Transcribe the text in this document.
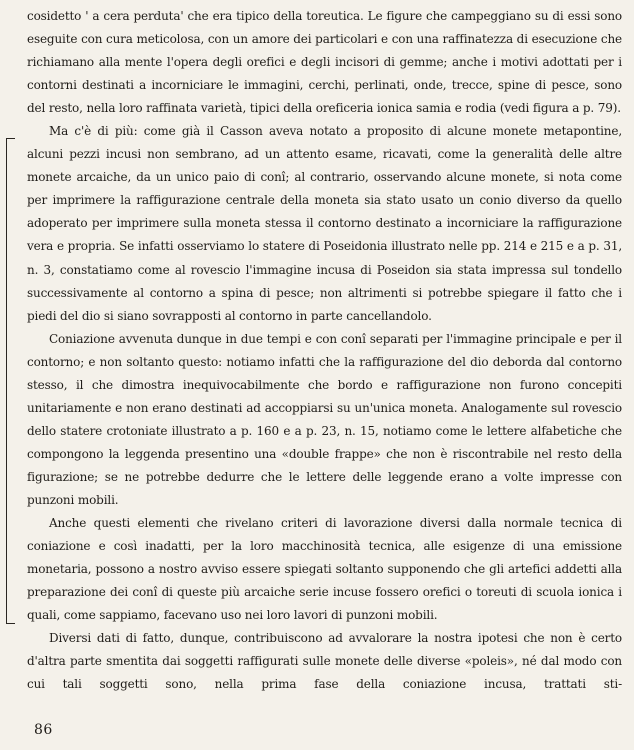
cosidetto ' a cera perduta' che era tipico della toreutica. Le figure che campeggiano su di essi sono eseguite con cura meticolosa, con un amore dei particolari e con una raffinatezza di esecuzione che richiamano alla mente l'opera degli orefici e degli incisori di gemme; anche i motivi adottati per i contorni destinati a incorniciare le immagini, cerchi, perlinati, onde, trecce, spine di pesce, sono del resto, nella loro raffinata varietà, tipici della oreficeria ionica samia e rodia (vedi figura a p. 79).

Ma c'è di più: come già il Casson aveva notato a proposito di alcune monete metapontine, alcuni pezzi incusi non sembrano, ad un attento esame, ricavati, come la generalità delle altre monete arcaiche, da un unico paio di conî; al contrario, osservando alcune monete, si nota come per imprimere la raffigurazione centrale della moneta sia stato usato un conio diverso da quello adoperato per imprimere sulla moneta stessa il contorno destinato a incorniciare la raffigurazione vera e propria. Se infatti osserviamo lo statere di Poseidonia illustrato nelle pp. 214 e 215 e a p. 31, n. 3, constatiamo come al rovescio l'immagine incusa di Poseidon sia stata impressa sul tondello successivamente al contorno a spina di pesce; non altrimenti si potrebbe spiegare il fatto che i piedi del dio si siano sovrapposti al contorno in parte cancellandolo.

Coniazione avvenuta dunque in due tempi e con conî separati per l'immagine principale e per il contorno; e non soltanto questo: notiamo infatti che la raffigurazione del dio deborda dal contorno stesso, il che dimostra inequivocabilmente che bordo e raffigurazione non furono concepiti unitariamente e non erano destinati ad accoppiarsi su un'unica moneta. Analogamente sul rovescio dello statere crotoniate illustrato a p. 160 e a p. 23, n. 15, notiamo come le lettere alfabetiche che compongono la leggenda presentino una «double frappe» che non è riscontrabile nel resto della figurazione; se ne potrebbe dedurre che le lettere delle leggende erano a volte impresse con punzoni mobili.

Anche questi elementi che rivelano criteri di lavorazione diversi dalla normale tecnica di coniazione e così inadatti, per la loro macchinosità tecnica, alle esigenze di una emissione monetaria, possono a nostro avviso essere spiegati soltanto supponendo che gli artefici addetti alla preparazione dei conî di queste più arcaiche serie incuse fossero orefici o toreuti di scuola ionica i quali, come sappiamo, facevano uso nei loro lavori di punzoni mobili.

Diversi dati di fatto, dunque, contribuiscono ad avvalorare la nostra ipotesi che non è certo d'altra parte smentita dai soggetti raffigurati sulle monete delle diverse «poleis», né dal modo con cui tali soggetti sono, nella prima fase della coniazione incusa, trattati sti-

86
